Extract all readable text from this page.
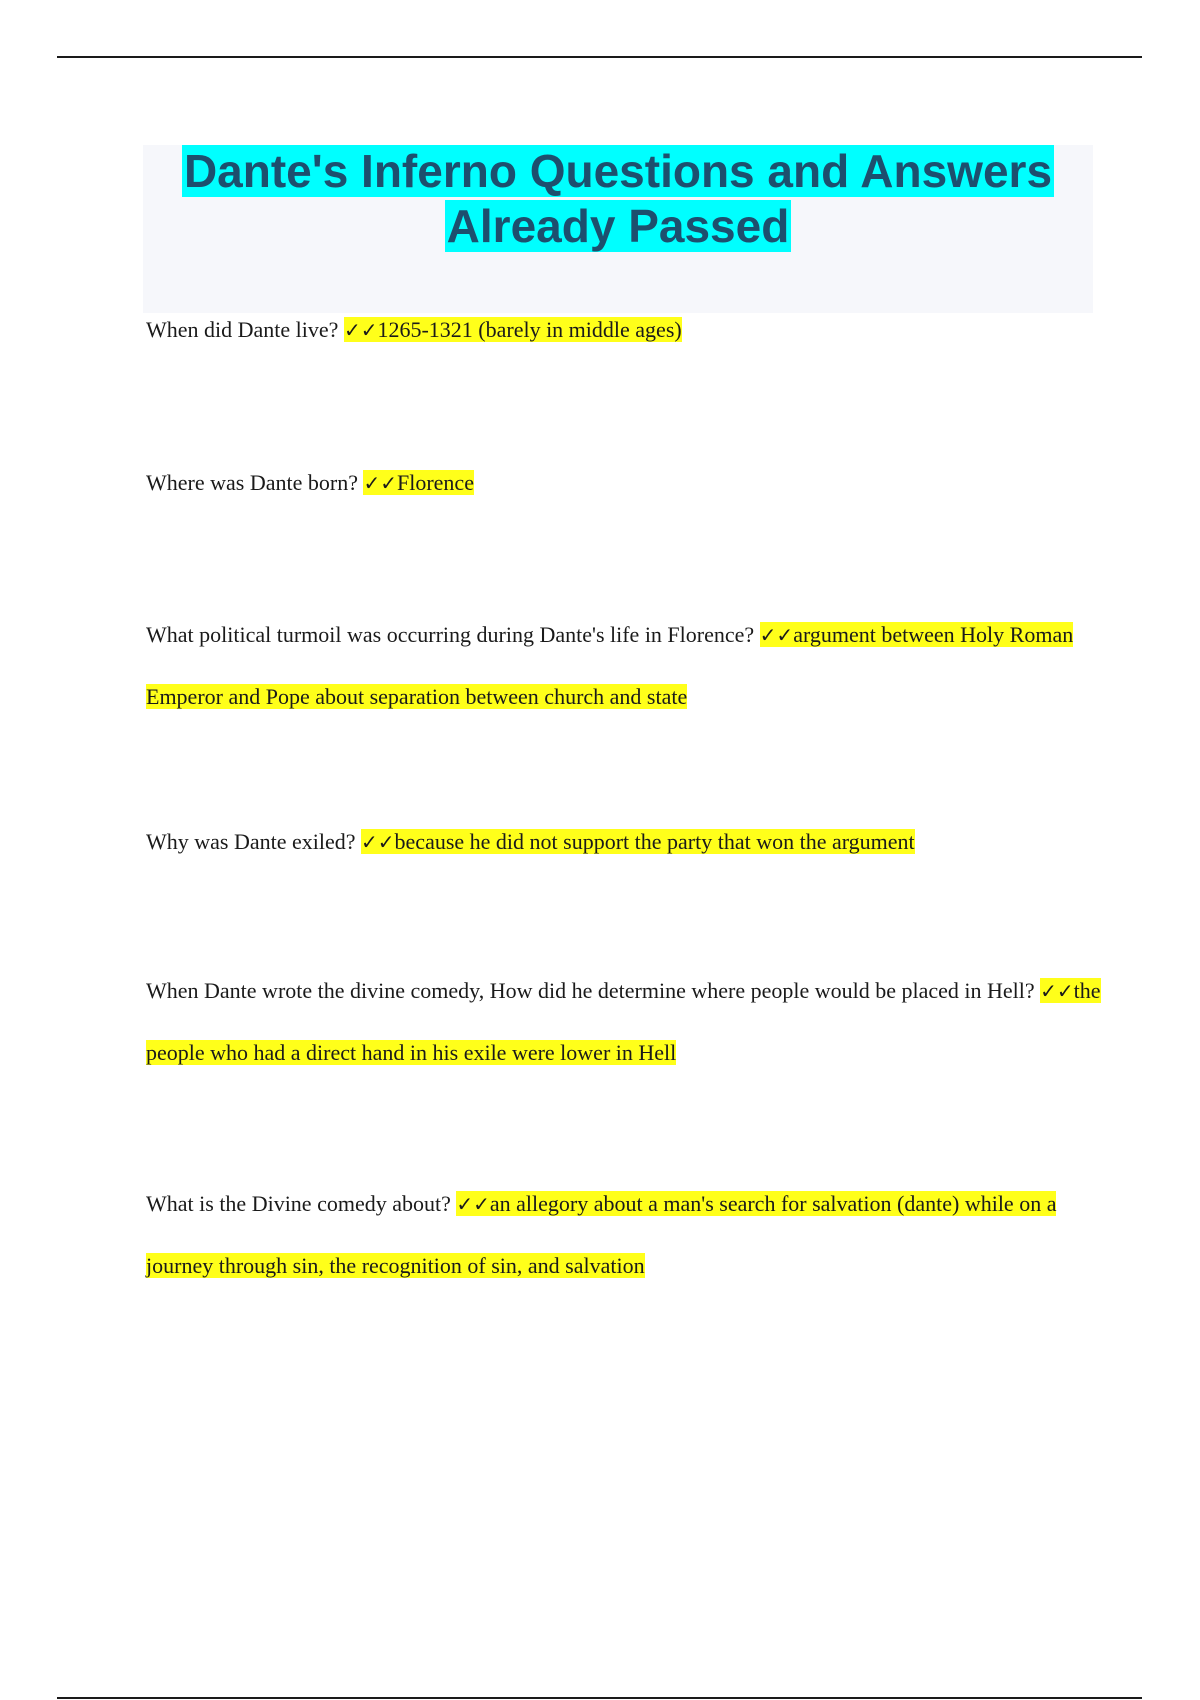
Dante's Inferno Questions and Answers
Already Passed
When did Dante live? ✓✓1265-1321 (barely in middle ages)
Where was Dante born? ✓✓Florence
What political turmoil was occurring during Dante's life in Florence? ✓✓argument between Holy Roman Emperor and Pope about separation between church and state
Why was Dante exiled? ✓✓because he did not support the party that won the argument
When Dante wrote the divine comedy, How did he determine where people would be placed in Hell? ✓✓the people who had a direct hand in his exile were lower in Hell
What is the Divine comedy about? ✓✓an allegory about a man's search for salvation (dante) while on a journey through sin, the recognition of sin, and salvation
